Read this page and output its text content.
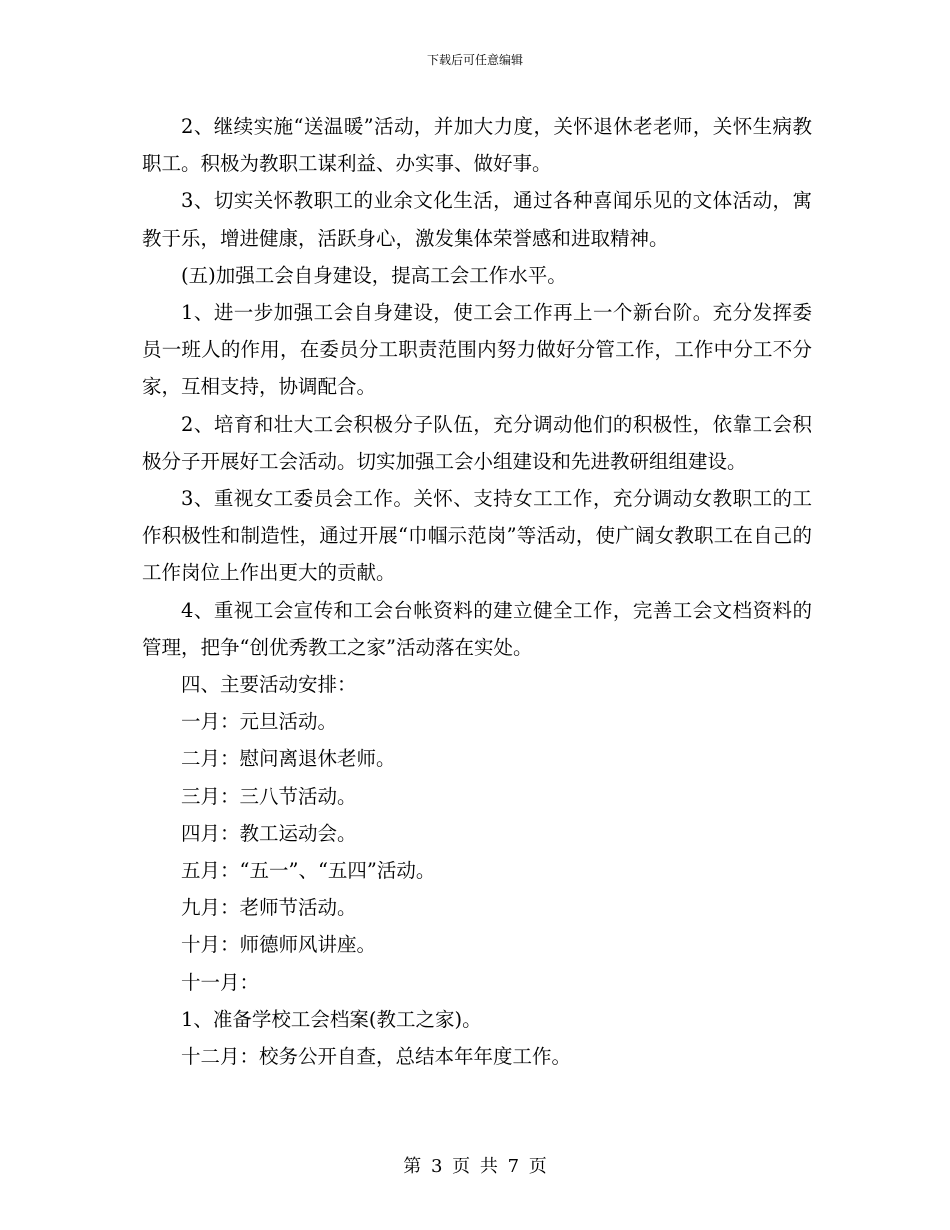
下载后可任意编辑

2、继续实施“送温暖”活动，并加大力度，关怀退休老老师，关怀生病教职工。积极为教职工谋利益、办实事、做好事。

3、切实关怀教职工的业余文化生活，通过各种喜闻乐见的文体活动，寓教于乐，增进健康，活跃身心，激发集体荣誉感和进取精神。

(五)加强工会自身建设，提高工会工作水平。

1、进一步加强工会自身建设，使工会工作再上一个新台阶。充分发挥委员一班人的作用，在委员分工职责范围内努力做好分管工作，工作中分工不分家，互相支持，协调配合。

2、培育和壮大工会积极分子队伍，充分调动他们的积极性，依靠工会积极分子开展好工会活动。切实加强工会小组建设和先进教研组组建设。

3、重视女工委员会工作。关怀、支持女工工作，充分调动女教职工的工作积极性和制造性，通过开展“巾帼示范岗”等活动，使广阔女教职工在自己的工作岗位上作出更大的贡献。

4、重视工会宣传和工会台帐资料的建立健全工作，完善工会文档资料的管理，把争“创优秀教工之家”活动落在实处。

四、主要活动安排：
一月：元旦活动。
二月：慰问离退休老师。
三月：三八节活动。
四月：教工运动会。
五月：“五一”、“五四”活动。
九月：老师节活动。
十月：师德师风讲座。
十一月：
1、准备学校工会档案(教工之家)。
十二月：校务公开自查，总结本年年度工作。
第 3 页 共 7 页
